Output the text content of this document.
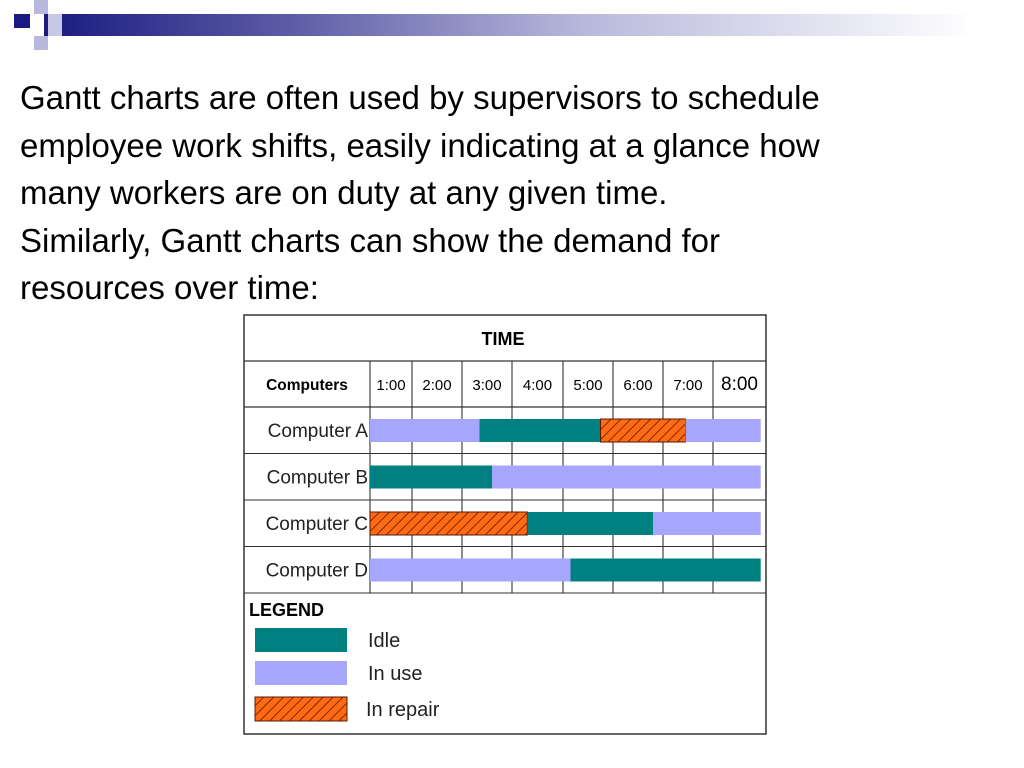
Gantt charts are often used by supervisors to schedule
employee work shifts, easily indicating at a glance how
many workers are on duty at any given time.
Similarly, Gantt charts can show the demand for
resources over time:
TIME
Computers 1:00 2:00 3:00 4:00 5:00 6:00 7:00 8:00
Computer A
Computer B
Computer C
Computer D
LEGEND
Idle
In use
In repair
